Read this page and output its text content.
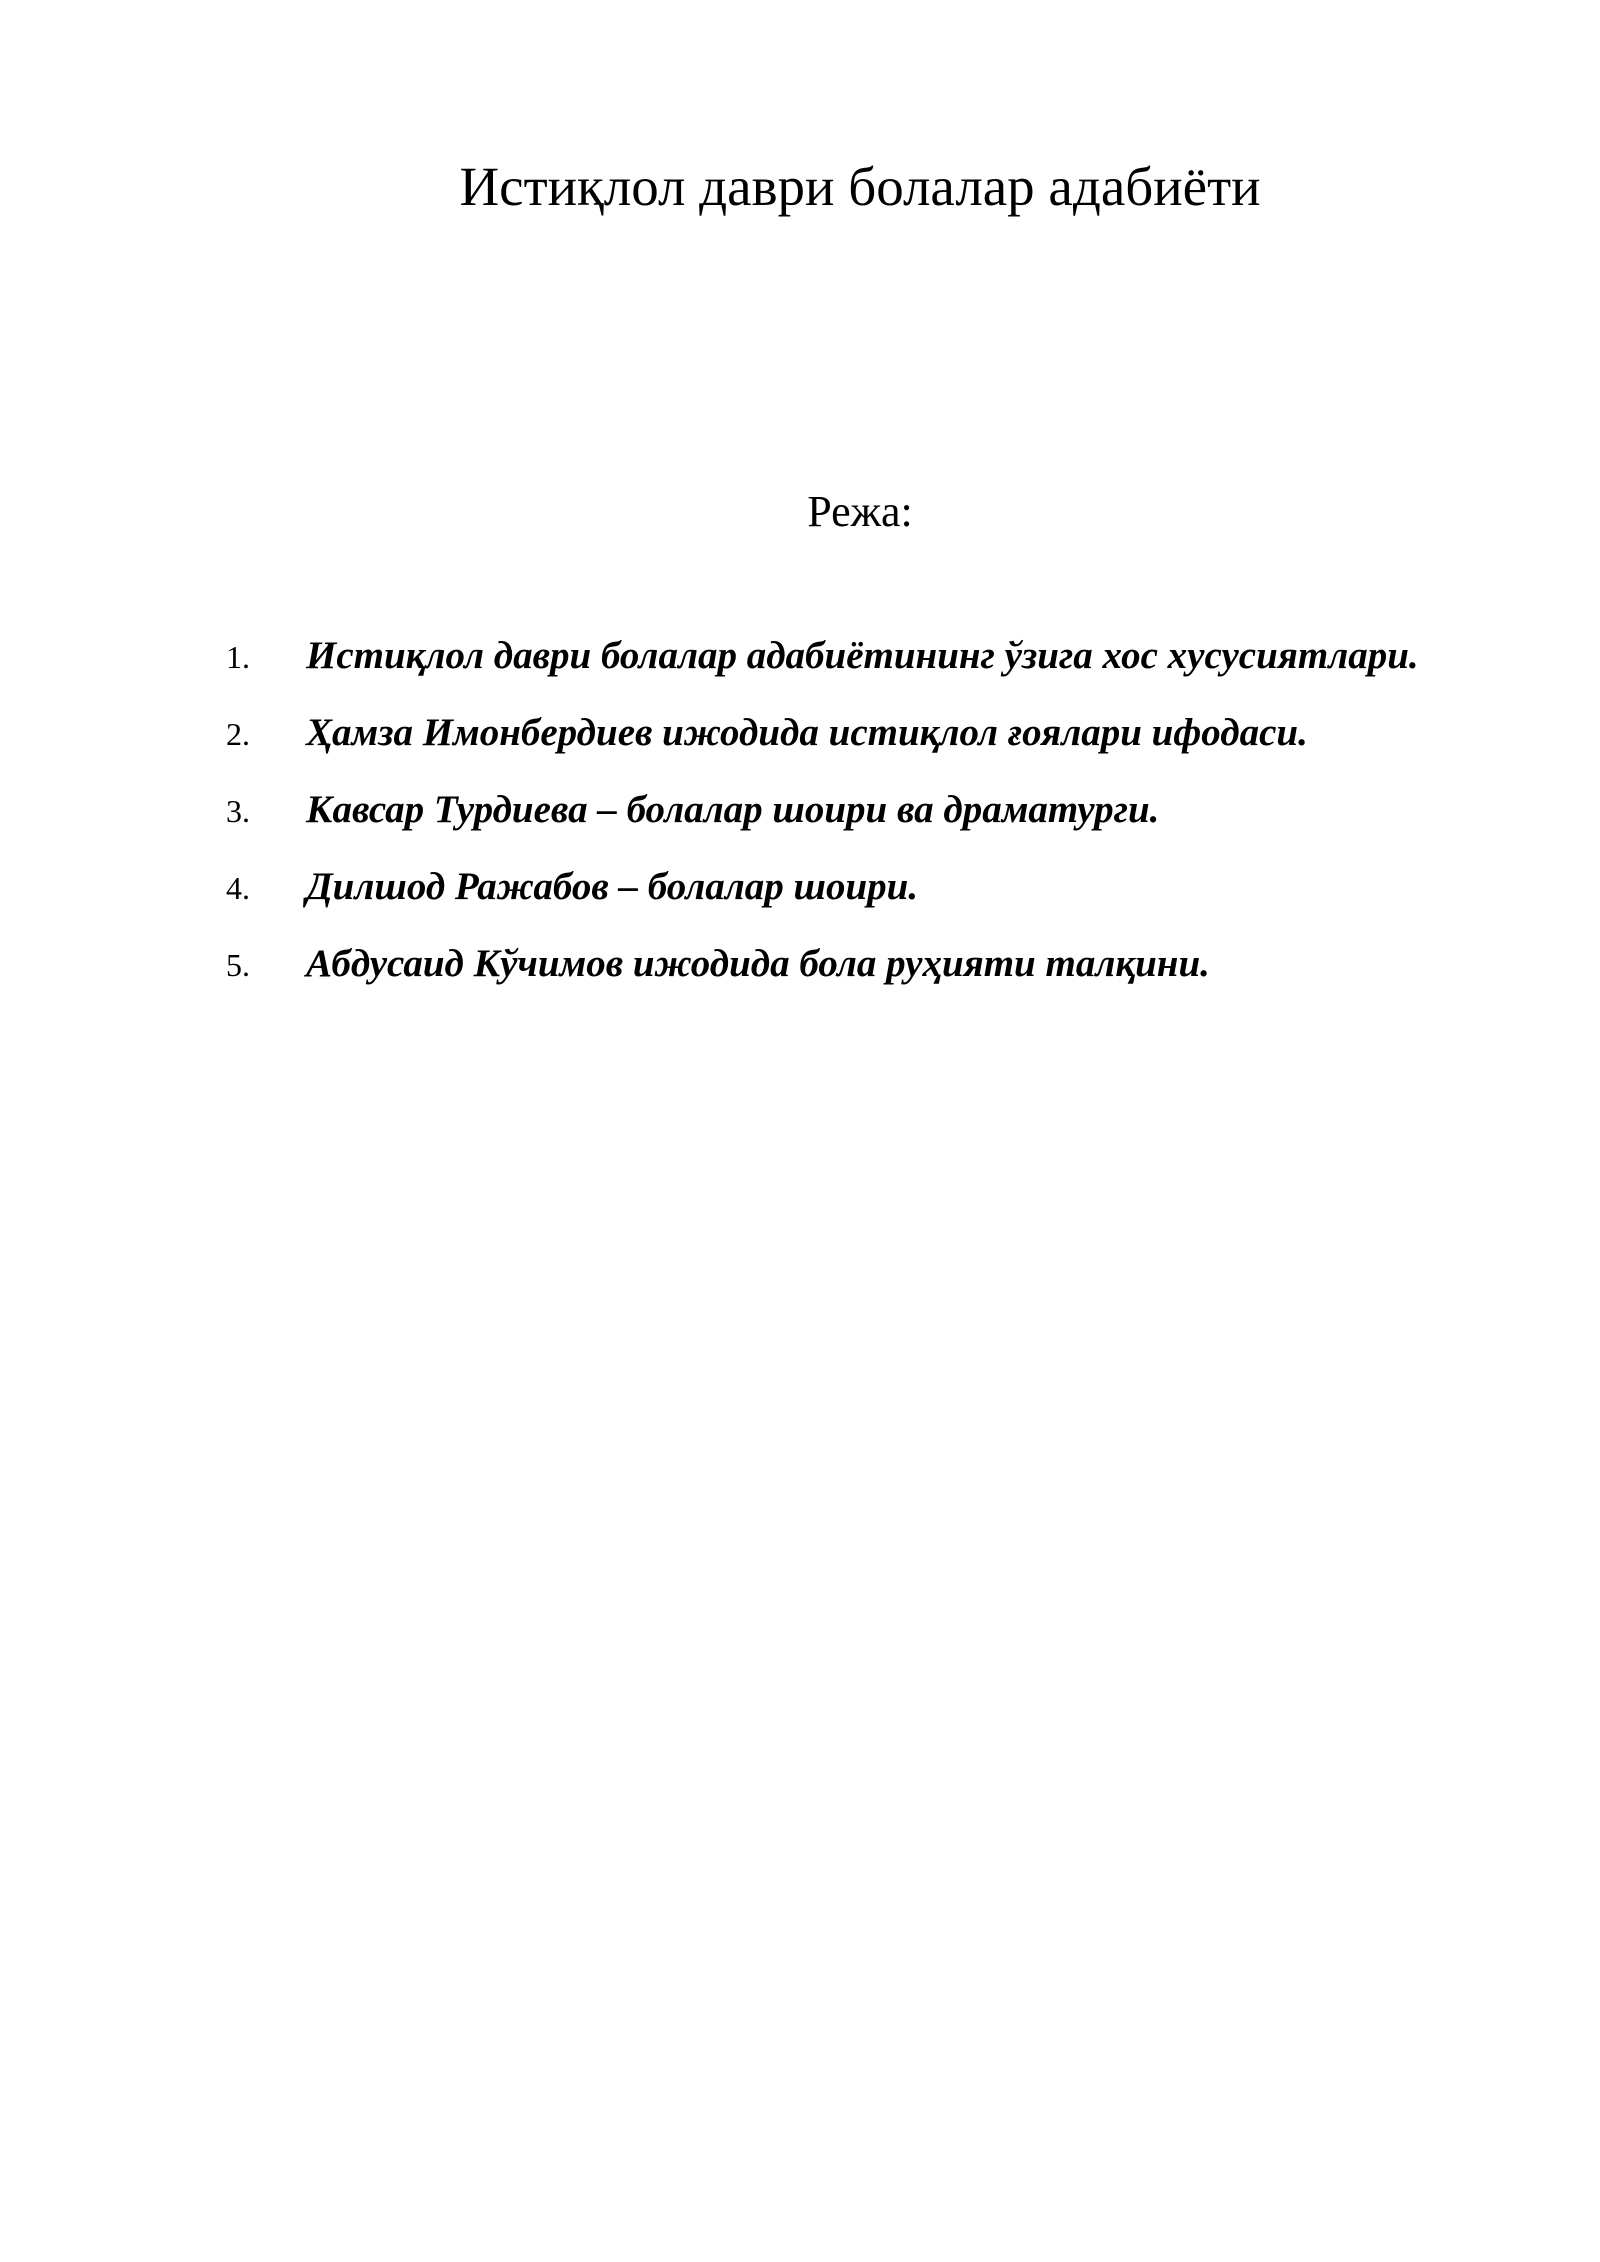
Истиқлол даври болалар адабиёти

Режа:

1.	Истиқлол даври болалар адабиётининг ўзига хос хусусиятлари.
2.	Ҳамза Имонбердиев ижодида истиқлол ғоялари ифодаси.
3.	Кавсар Турдиева – болалар шоири ва драматурги.
4.	Дилшод Ражабов – болалар шоири.
5.	Абдусаид Кўчимов ижодида бола руҳияти талқини.
